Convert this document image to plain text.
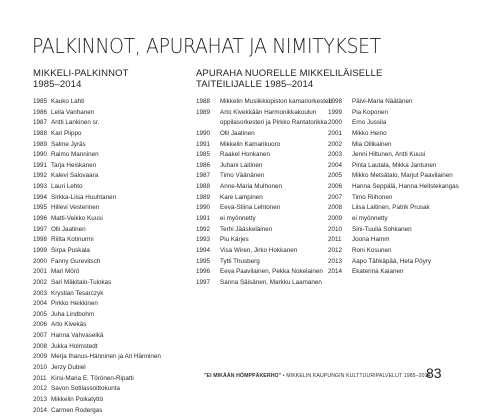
PALKINNOT, APURAHAT JA NIMITYKSET
MIKKELI-PALKINNOT
1985–2014
APURAHA NUORELLE MIKKELILÄISELLE
TAITEILIJALLE 1985–2014
1985 Kauko Lahti
1986 Leila Vanhanen
1987 Antti Lankinen sr.
1988 Kari Piippo
1989 Salme Jyräs
1990 Raimo Manninen
1991 Tarja Heiskanen
1992 Kalevi Salovaara
1993 Lauri Lehto
1994 Sirkka-Liisa Huuhtanen
1995 Hillevi Vesterinen
1996 Matti-Veikko Kuusi
1997 Olli Jaatinen
1998 Riitta Kotinurmi
1999 Sirpa Puskala
2000 Fanny Gurevitsch
2001 Mari Mörö
2002 Sari Mäkitalo-Tulokas
2003 Krystian Tesarczyk
2004 Pirkko Heikkinen
2005 Juha Lindbohm
2006 Arto Kivekäs
2007 Hanna Vahvaselkä
2008 Jukka Holmstedt
2009 Merja Ihanus-Hänninen ja Ari Hänninen
2010 Jerzy Dubiel
2011 Kirsi-Maria E. Törönen-Ripatti
2012 Savon Sotilassoittokunta
2013 Mikkelin Poikatyttö
2014 Carmen Rodergas
1988 Mikkelin Musiikkiopiston kamariorkesteri
1989 Arto Kivekkään Harmonikkakoulun
oppilasorkesteri ja Pirkko Rantatorikka
1990 Olli Jaatinen
1991 Mikkelin Kamarikuoro
1985 Raakel Honkanen
1986 Juhani Laitinen
1987 Timo Väänänen
1988 Anne-Maria Mulhonen
1989 Kare Lampinen
1990 Eeva-Stiina Lehtonen
1991 ei myönnetty
1992 Terhi Jääskeläinen
1993 Piu Kärjes
1994 Visa Wiren, Jirko Hokkanen
1995 Tytti Thusberg
1996 Eeva Paavilainen, Pekka Nokelainen
1997 Sanna Säisänen, Markku Laamanen
1998 Päivi-Maria Näätänen
1999 Pia Koponen
2000 Erno Jussila
2001 Mikko Heino
2002 Mia Ollikainen
2003 Jenni Hiltunen, Antti Kuusi
2004 Pinta Lautala, Mikka Jantunen
2005 Mikko Metsätalo, Marjut Paavilainen
2006 Hanna Seppälä, Hanna Hellstekangas
2007 Timo Riihonen
2008 Liisa Laitinen, Patrik Prusak
2009 ei myönnetty
2010 Sini-Tuulia Sohkanen
2011 Joona Hamm
2012 Roni Kosunen
2013 Aapo Tähkäpää, Heta Pöyry
2014 Ekaterina Kaianen
"EI MIKÄÄN HÖMPPÄKERHO" • MIKKELIN KAUPUNGIN KULTTUURIPALVELUT 1985–2014
83
